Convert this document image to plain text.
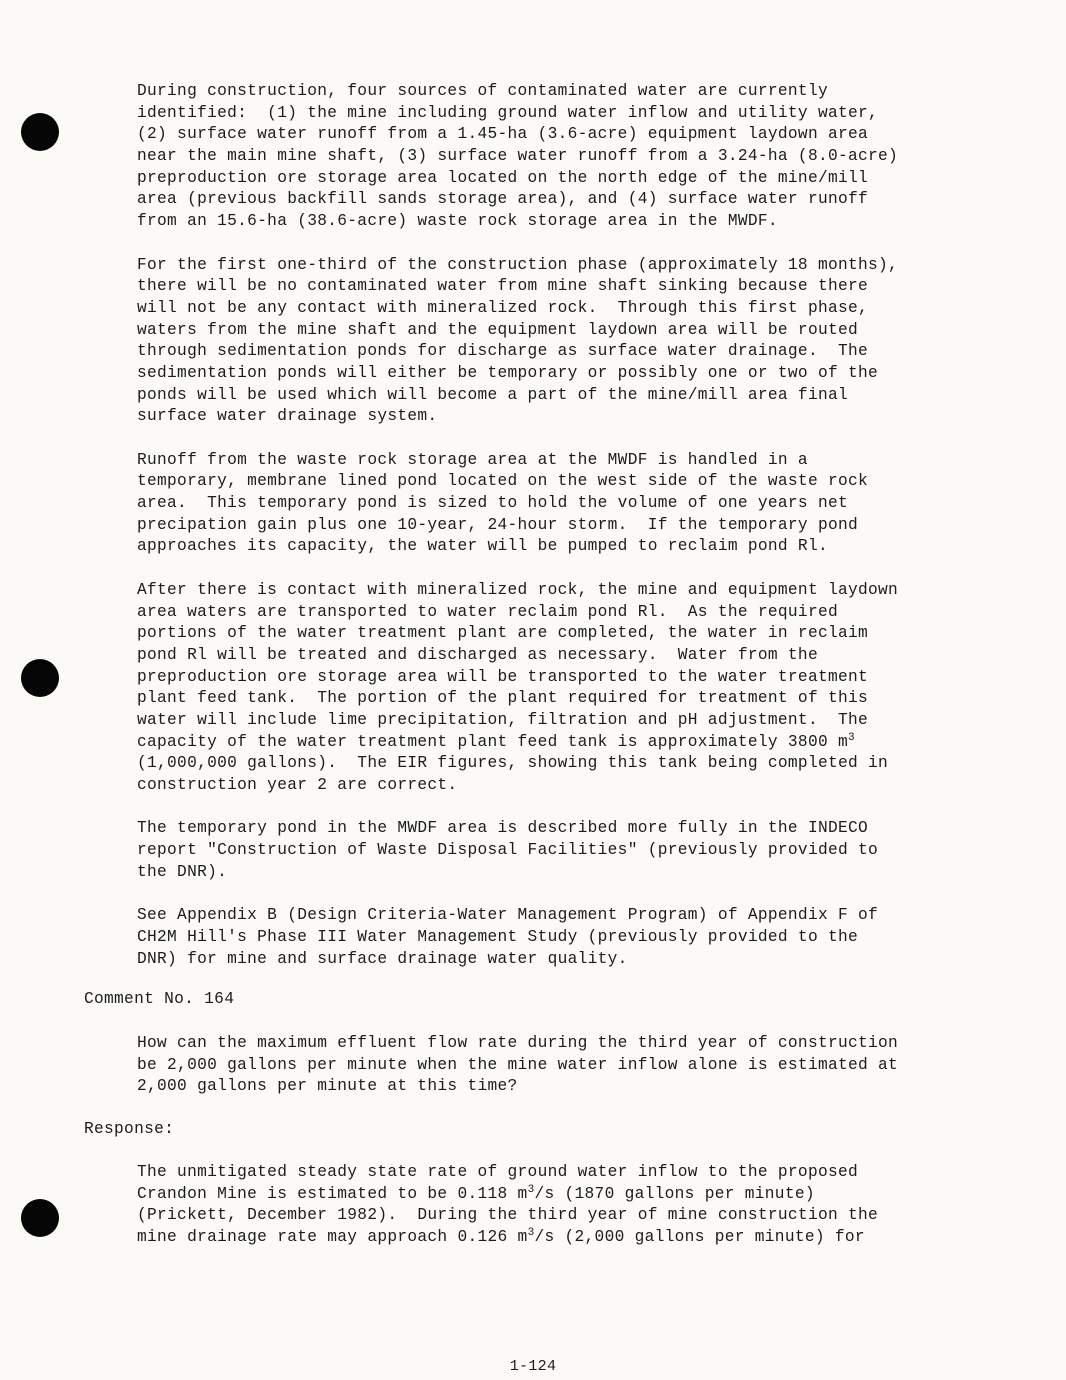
During construction, four sources of contaminated water are currently
identified:  (1) the mine including ground water inflow and utility water,
(2) surface water runoff from a 1.45-ha (3.6-acre) equipment laydown area
near the main mine shaft, (3) surface water runoff from a 3.24-ha (8.0-acre)
preproduction ore storage area located on the north edge of the mine/mill
area (previous backfill sands storage area), and (4) surface water runoff
from an 15.6-ha (38.6-acre) waste rock storage area in the MWDF.
For the first one-third of the construction phase (approximately 18 months),
there will be no contaminated water from mine shaft sinking because there
will not be any contact with mineralized rock.  Through this first phase,
waters from the mine shaft and the equipment laydown area will be routed
through sedimentation ponds for discharge as surface water drainage.  The
sedimentation ponds will either be temporary or possibly one or two of the
ponds will be used which will become a part of the mine/mill area final
surface water drainage system.
Runoff from the waste rock storage area at the MWDF is handled in a
temporary, membrane lined pond located on the west side of the waste rock
area.  This temporary pond is sized to hold the volume of one years net
precipation gain plus one 10-year, 24-hour storm.  If the temporary pond
approaches its capacity, the water will be pumped to reclaim pond Rl.
After there is contact with mineralized rock, the mine and equipment laydown
area waters are transported to water reclaim pond Rl.  As the required
portions of the water treatment plant are completed, the water in reclaim
pond Rl will be treated and discharged as necessary.  Water from the
preproduction ore storage area will be transported to the water treatment
plant feed tank.  The portion of the plant required for treatment of this
water will include lime precipitation, filtration and pH adjustment.  The
capacity of the water treatment plant feed tank is approximately 3800 $m^3$
(1,000,000 gallons).  The EIR figures, showing this tank being completed in
construction year 2 are correct.
The temporary pond in the MWDF area is described more fully in the INDECO
report "Construction of Waste Disposal Facilities" (previously provided to
the DNR).
See Appendix B (Design Criteria-Water Management Program) of Appendix F of
CH2M Hill's Phase III Water Management Study (previously provided to the
DNR) for mine and surface drainage water quality.
Comment No. 164
How can the maximum effluent flow rate during the third year of construction
be 2,000 gallons per minute when the mine water inflow alone is estimated at
2,000 gallons per minute at this time?
Response:
The unmitigated steady state rate of ground water inflow to the proposed
Crandon Mine is estimated to be 0.118 $m^3/s$ (1870 gallons per minute)
(Prickett, December 1982).  During the third year of mine construction the
mine drainage rate may approach 0.126 $m^3/s$ (2,000 gallons per minute) for
1-124
